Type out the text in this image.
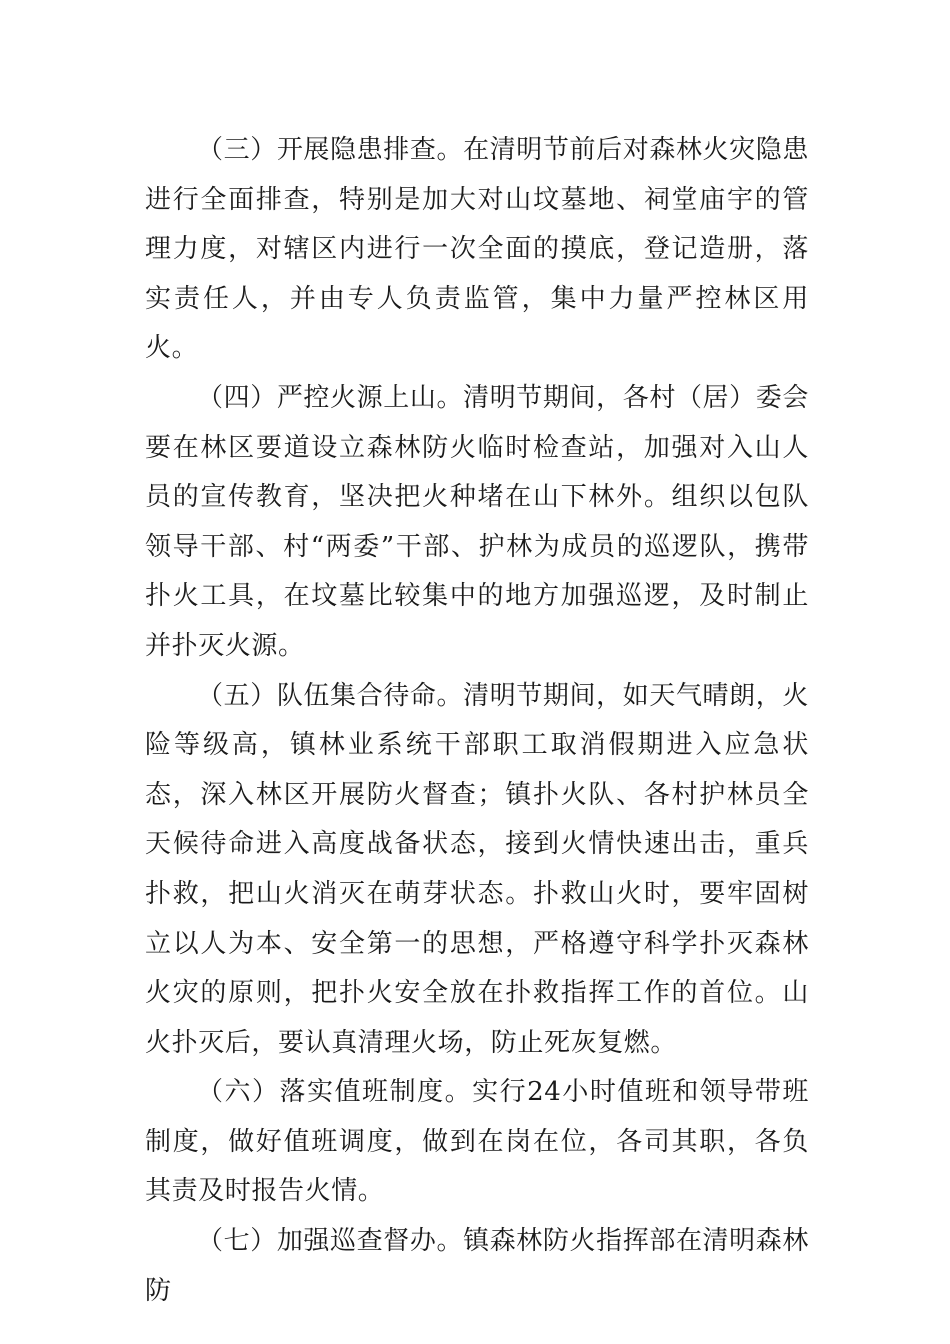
（三）开展隐患排查。在清明节前后对森林火灾隐患进行全面排查，特别是加大对山坟墓地、祠堂庙宇的管理力度，对辖区内进行一次全面的摸底，登记造册，落实责任人，并由专人负责监管，集中力量严控林区用火。

（四）严控火源上山。清明节期间，各村（居）委会要在林区要道设立森林防火临时检查站，加强对入山人员的宣传教育，坚决把火种堵在山下林外。组织以包队领导干部、村“两委”干部、护林为成员的巡逻队，携带扑火工具，在坟墓比较集中的地方加强巡逻，及时制止并扑灭火源。

（五）队伍集合待命。清明节期间，如天气晴朗，火险等级高，镇林业系统干部职工取消假期进入应急状态，深入林区开展防火督查；镇扑火队、各村护林员全天候待命进入高度战备状态，接到火情快速出击，重兵扑救，把山火消灭在萌芽状态。扑救山火时，要牢固树立以人为本、安全第一的思想，严格遵守科学扑灭森林火灾的原则，把扑火安全放在扑救指挥工作的首位。山火扑灭后，要认真清理火场，防止死灰复燃。

（六）落实值班制度。实行24小时值班和领导带班制度，做好值班调度，做到在岗在位，各司其职，各负其责及时报告火情。

（七）加强巡查督办。镇森林防火指挥部在清明森林防
